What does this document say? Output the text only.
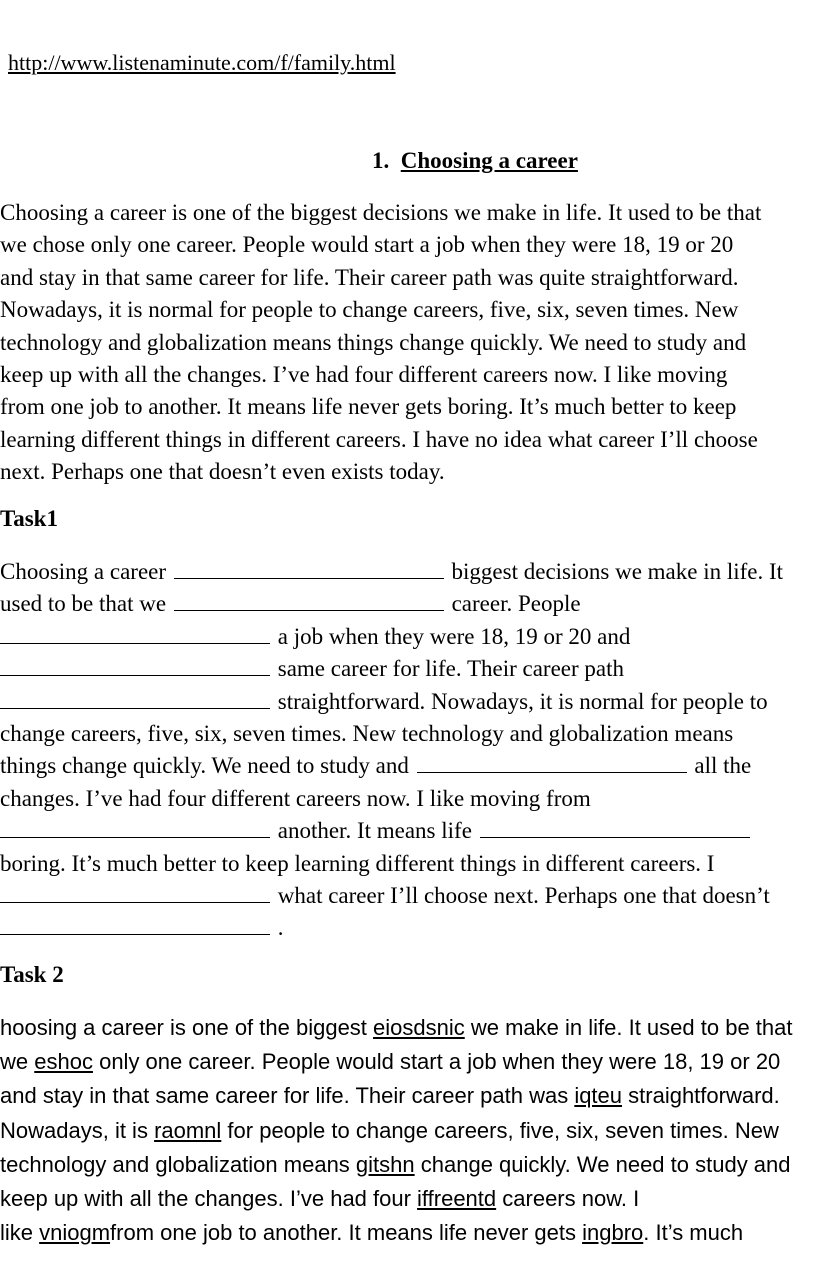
http://www.listenaminute.com/f/family.html
1. Choosing a career
Choosing a career is one of the biggest decisions we make in life. It used to be that
we chose only one career. People would start a job when they were 18, 19 or 20
and stay in that same career for life. Their career path was quite straightforward.
Nowadays, it is normal for people to change careers, five, six, seven times. New
technology and globalization means things change quickly. We need to study and
keep up with all the changes. I’ve had four different careers now. I like moving
from one job to another. It means life never gets boring. It’s much better to keep
learning different things in different careers. I have no idea what career I’ll choose
next. Perhaps one that doesn’t even exists today.
Task1
Choosing a career	biggest decisions we make in life. It
used to be that we	career. People
a job when they were 18, 19 or 20 and
same career for life. Their career path
straightforward. Nowadays, it is normal for people to
change careers, five, six, seven times. New technology and globalization means
things change quickly. We need to study and	all the
changes. I’ve had four different careers now. I like moving from
another. It means life
boring. It’s much better to keep learning different things in different careers. I
what career I’ll choose next. Perhaps one that doesn’t
.
Task 2
hoosing a career is one of the biggest eiosdsnic we make in life. It used to be that
we eshoc only one career. People would start a job when they were 18, 19 or 20
and stay in that same career for life. Their career path was iqteu straightforward.
Nowadays, it is raomnl for people to change careers, five, six, seven times. New
technology and globalization means gitshn change quickly. We need to study and
keep up with all the changes. I’ve had four iffreentd careers now. I
like vniogmfrom one job to another. It means life never gets ingbro. It’s much
